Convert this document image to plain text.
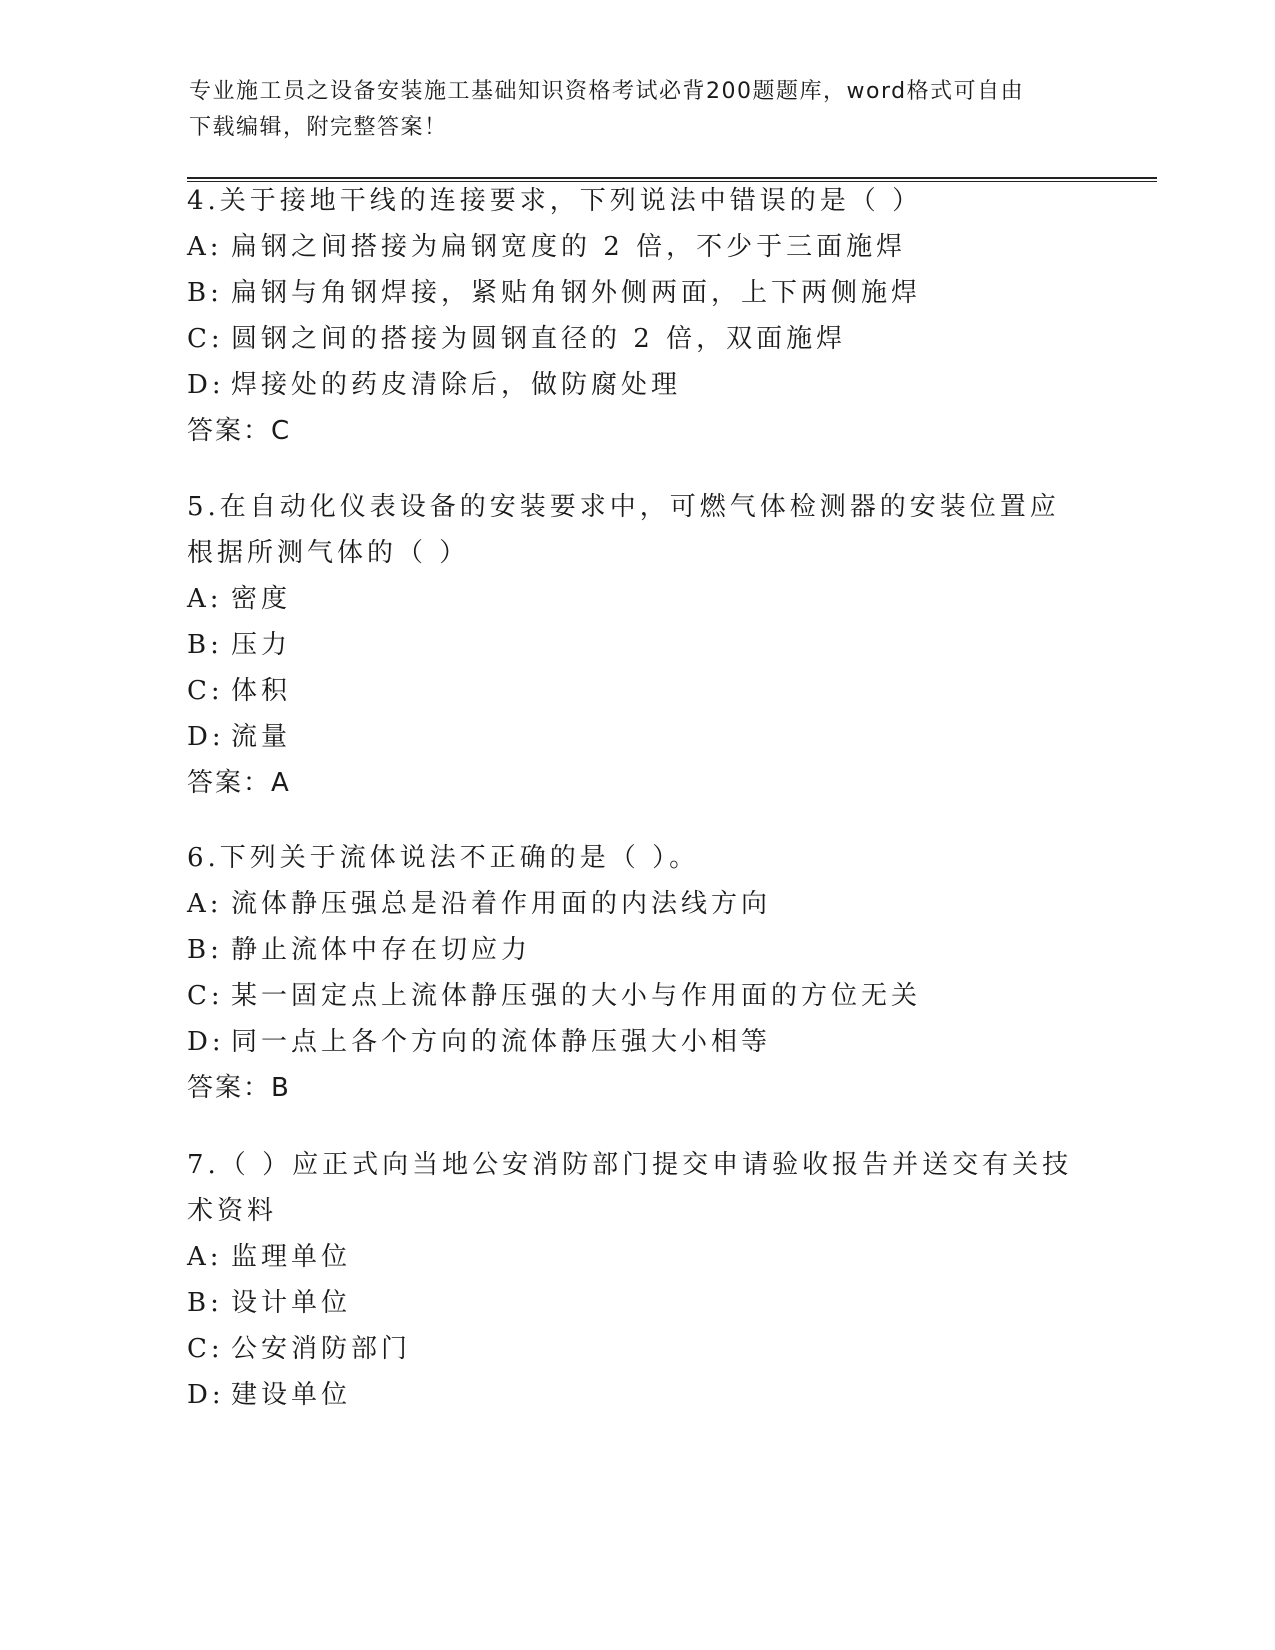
专业施工员之设备安装施工基础知识资格考试必背200题题库，word格式可自由
下载编辑，附完整答案！

4.关于接地干线的连接要求，下列说法中错误的是（ ）

A: 扁钢之间搭接为扁钢宽度的 2 倍，不少于三面施焊
B: 扁钢与角钢焊接，紧贴角钢外侧两面，上下两侧施焊
C: 圆钢之间的搭接为圆钢直径的 2 倍，双面施焊
D: 焊接处的药皮清除后，做防腐处理
答案：C

5.在自动化仪表设备的安装要求中，可燃气体检测器的安装位置应根据所测气体的（ ）

A: 密度
B: 压力
C: 体积
D: 流量
答案：A

6.下列关于流体说法不正确的是（ ）。

A: 流体静压强总是沿着作用面的内法线方向
B: 静止流体中存在切应力
C: 某一固定点上流体静压强的大小与作用面的方位无关
D: 同一点上各个方向的流体静压强大小相等
答案：B

7.（ ）应正式向当地公安消防部门提交申请验收报告并送交有关技术资料

A: 监理单位
B: 设计单位
C: 公安消防部门
D: 建设单位
